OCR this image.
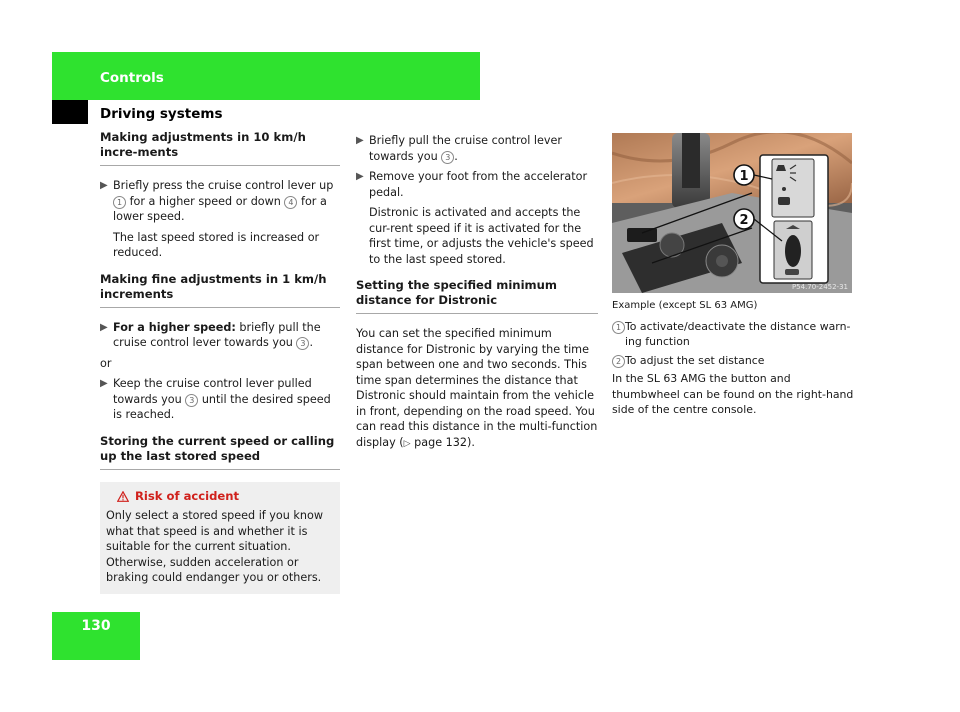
Controls
Driving systems
Making adjustments in 10 km/h incre-ments
▶ Briefly press the cruise control lever up 1 for a higher speed or down 4 for a lower speed.
The last speed stored is increased or reduced.
Making fine adjustments in 1 km/h increments
▶ For a higher speed: briefly pull the cruise control lever towards you 3 .
or
▶ Keep the cruise control lever pulled towards you 3 until the desired speed is reached.
Storing the current speed or calling up the last stored speed
Risk of accident
Only select a stored speed if you know what that speed is and whether it is suitable for the current situation. Otherwise, sudden acceleration or braking could endanger you or others.
▶ Briefly pull the cruise control lever towards you 3 .
▶ Remove your foot from the accelerator pedal.
Distronic is activated and accepts the cur-rent speed if it is activated for the first time, or adjusts the vehicle's speed to the last speed stored.
Setting the specified minimum distance for Distronic
You can set the specified minimum distance for Distronic by varying the time span between one and two seconds. This time span determines the distance that Distronic should maintain from the vehicle in front, depending on the road speed. You can read this distance in the multi-function display (▷ page 132).
1
2
P54.70-2452-31
Example (except SL 63 AMG)
1 To activate/deactivate the distance warn-ing function
2 To adjust the set distance
In the SL 63 AMG the button and thumbwheel can be found on the right-hand side of the centre console.
130
